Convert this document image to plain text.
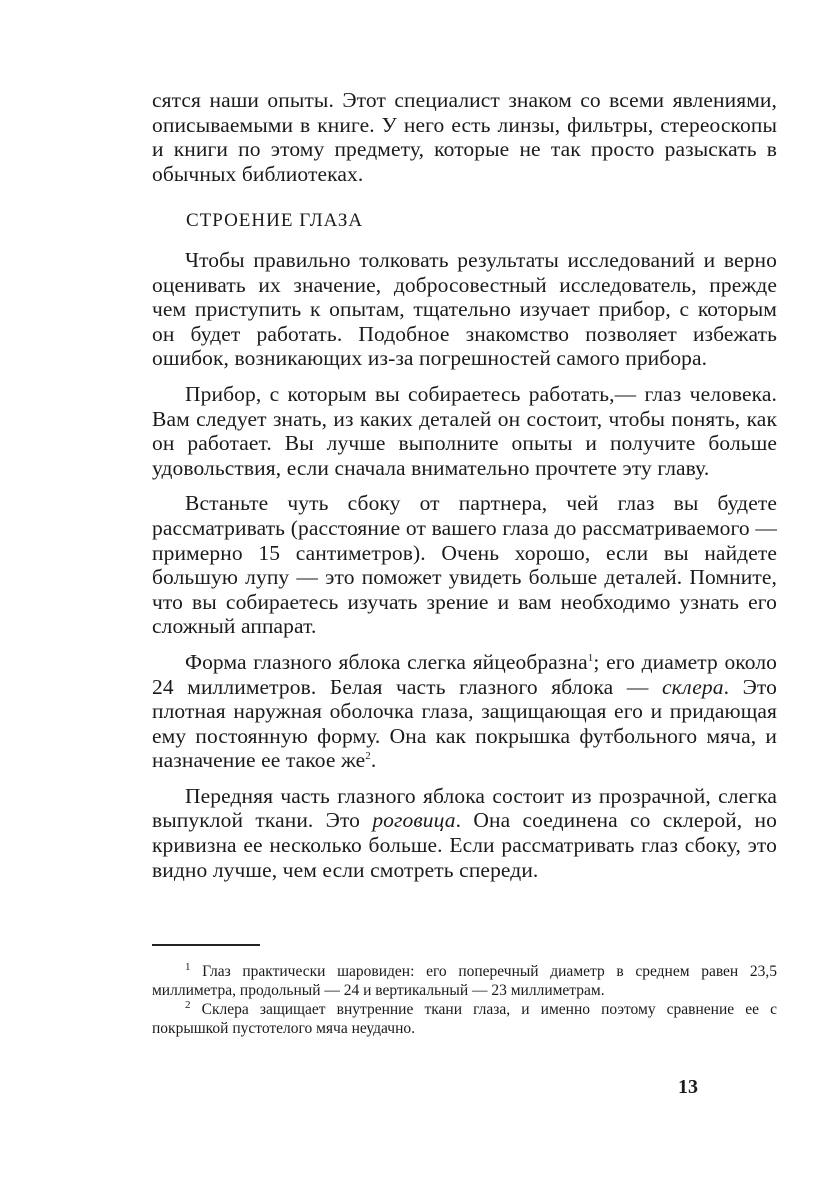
сятся наши опыты. Этот специалист знаком со всеми явлениями, описываемыми в книге. У него есть линзы, фильтры, стереоскопы и книги по этому предмету, которые не так просто разыскать в обычных библиотеках.

СТРОЕНИЕ ГЛАЗА

Чтобы правильно толковать результаты исследований и верно оценивать их значение, добросовестный исследователь, прежде чем приступить к опытам, тщательно изучает прибор, с которым он будет работать. Подобное знакомство позволяет избежать ошибок, возникающих из-за погрешностей самого прибора.

Прибор, с которым вы собираетесь работать,— глаз человека. Вам следует знать, из каких деталей он состоит, чтобы понять, как он работает. Вы лучше выполните опыты и получите больше удовольствия, если сначала внимательно прочтете эту главу.

Встаньте чуть сбоку от партнера, чей глаз вы будете рассматривать (расстояние от вашего глаза до рассматриваемого — примерно 15 сантиметров). Очень хорошо, если вы найдете большую лупу — это поможет увидеть больше деталей. Помните, что вы собираетесь изучать зрение и вам необходимо узнать его сложный аппарат.

Форма глазного яблока слегка яйцеобразна$^1$; его диаметр около 24 миллиметров. Белая часть глазного яблока — склера. Это плотная наружная оболочка глаза, защищающая его и придающая ему постоянную форму. Она как покрышка футбольного мяча, и назначение ее такое $же^2$.

Передняя часть глазного яблока состоит из прозрачной, слегка выпуклой ткани. Это роговица. Она соединена со склерой, но кривизна ее несколько больше. Если рассматривать глаз сбоку, это видно лучше, чем если смотреть спереди.

$^1$ Глаз практически шаровиден: его поперечный диаметр в среднем равен 23,5 миллиметра, продольный — 24 и вертикальный — 23 миллиметрам.

$^2$ Склера защищает внутренние ткани глаза, и именно поэтому сравнение ее с покрышкой пустотелого мяча неудачно.

13
